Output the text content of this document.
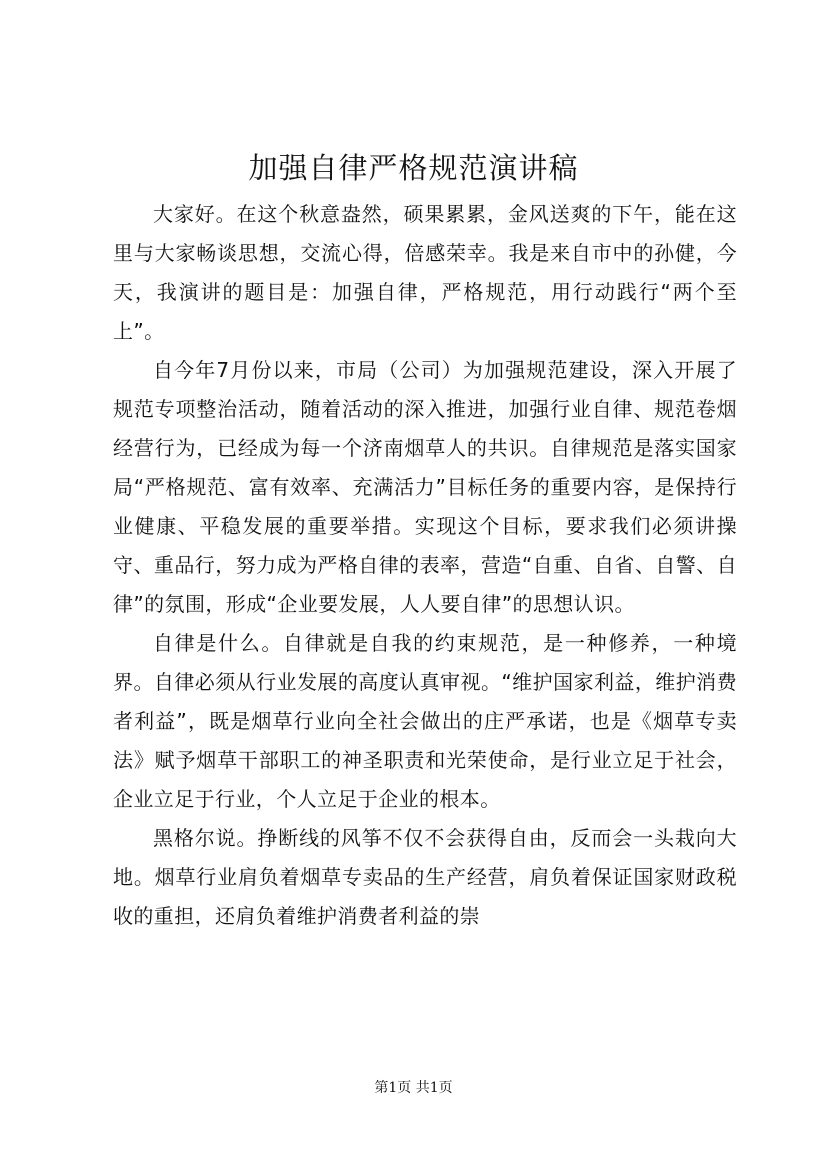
加强自律严格规范演讲稿

大家好。在这个秋意盎然，硕果累累，金风送爽的下午，能在这里与大家畅谈思想，交流心得，倍感荣幸。我是来自市中的孙健，今天，我演讲的题目是：加强自律，严格规范，用行动践行“两个至上”。

自今年7月份以来，市局（公司）为加强规范建设，深入开展了规范专项整治活动，随着活动的深入推进，加强行业自律、规范卷烟经营行为，已经成为每一个济南烟草人的共识。自律规范是落实国家局“严格规范、富有效率、充满活力”目标任务的重要内容，是保持行业健康、平稳发展的重要举措。实现这个目标，要求我们必须讲操守、重品行，努力成为严格自律的表率，营造“自重、自省、自警、自律”的氛围，形成“企业要发展，人人要自律”的思想认识。

自律是什么。自律就是自我的约束规范，是一种修养，一种境界。自律必须从行业发展的高度认真审视。“维护国家利益，维护消费者利益”，既是烟草行业向全社会做出的庄严承诺，也是《烟草专卖法》赋予烟草干部职工的神圣职责和光荣使命，是行业立足于社会，企业立足于行业，个人立足于企业的根本。

黑格尔说。挣断线的风筝不仅不会获得自由，反而会一头栽向大地。烟草行业肩负着烟草专卖品的生产经营，肩负着保证国家财政税收的重担，还肩负着维护消费者利益的崇

第1页 共1页
